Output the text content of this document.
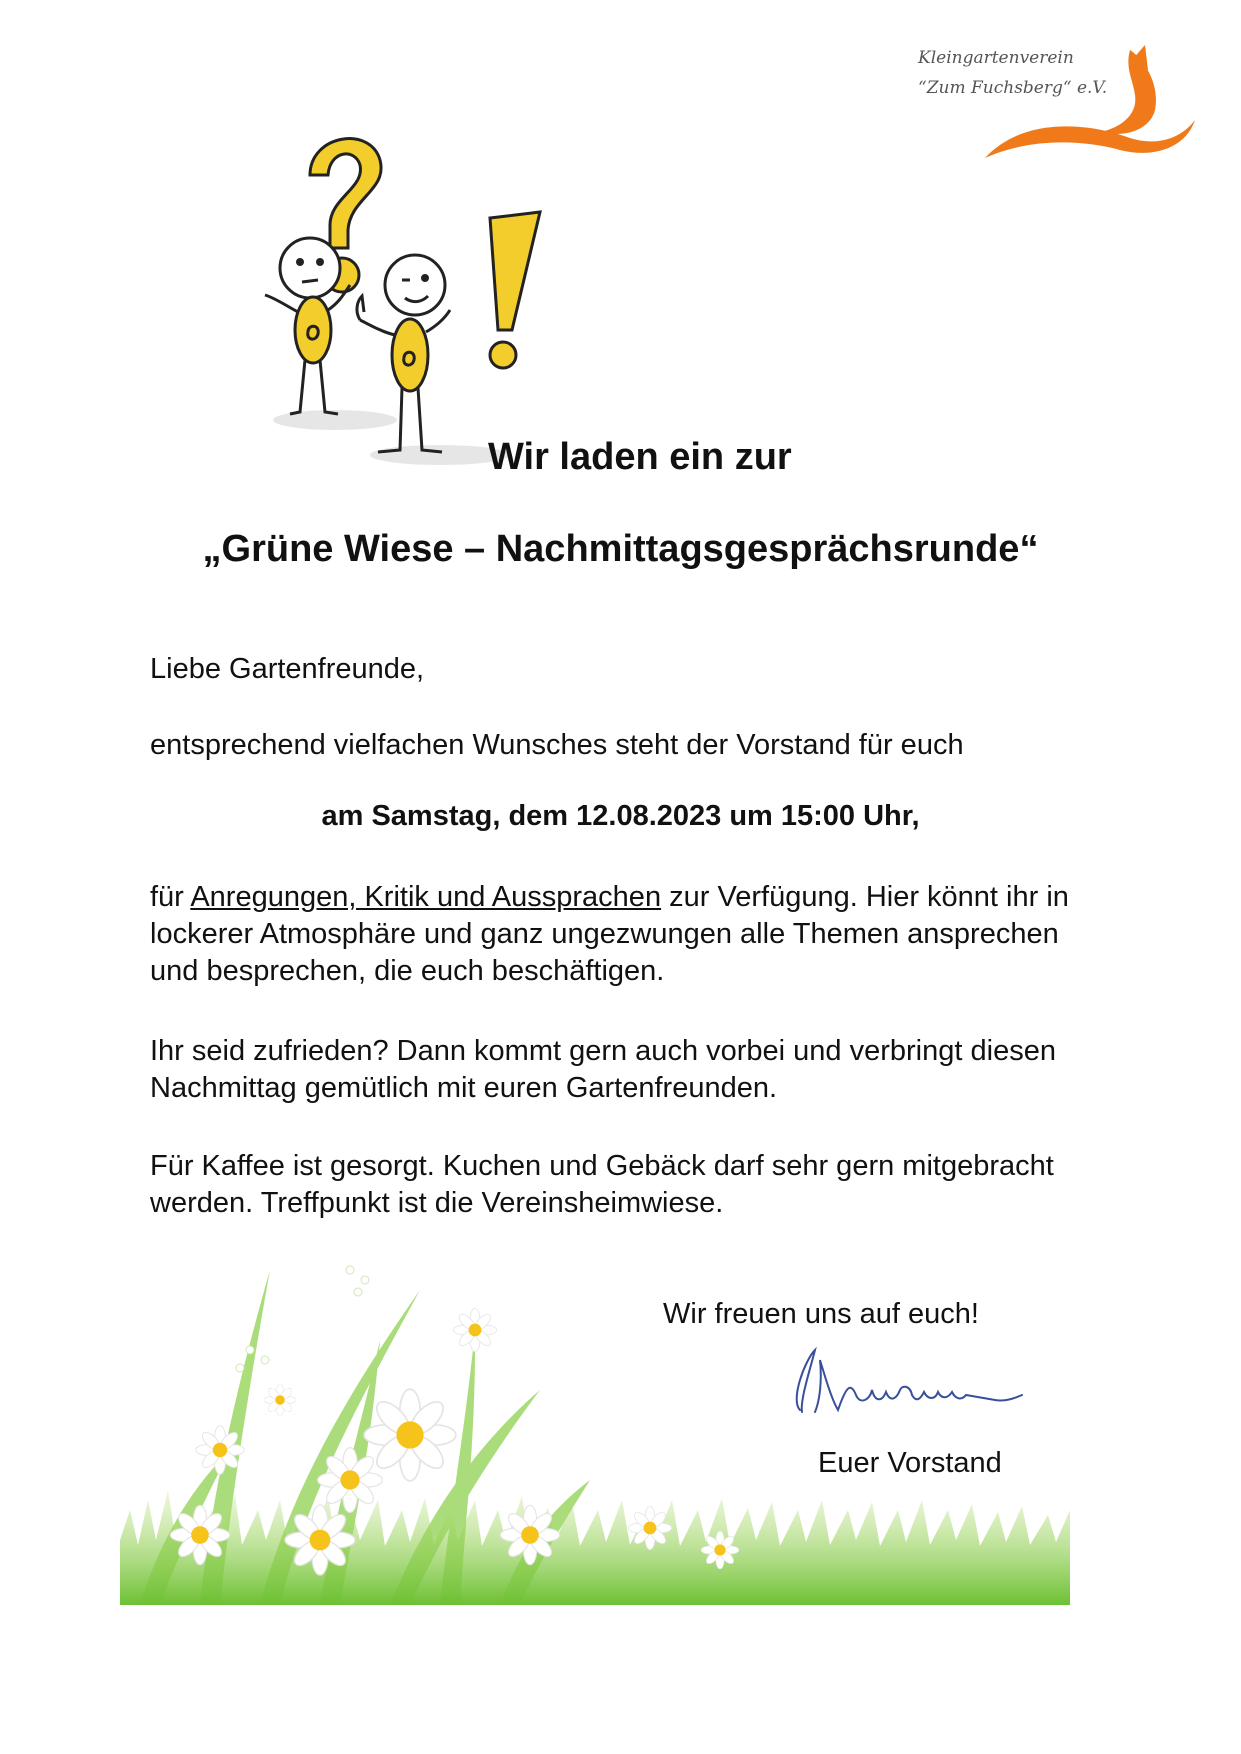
Kleingartenverein
“Zum Fuchsberg“ e.V.
Wir laden ein zur
„Grüne Wiese – Nachmittagsgesprächsrunde“
Liebe Gartenfreunde,
entsprechend vielfachen Wunsches steht der Vorstand für euch
am Samstag, dem 12.08.2023 um 15:00 Uhr,
für Anregungen, Kritik und Aussprachen zur Verfügung. Hier könnt ihr in lockerer Atmosphäre und ganz ungezwungen alle Themen ansprechen und besprechen, die euch beschäftigen.
Ihr seid zufrieden? Dann kommt gern auch vorbei und verbringt diesen Nachmittag gemütlich mit euren Gartenfreunden.
Für Kaffee ist gesorgt. Kuchen und Gebäck darf sehr gern mitgebracht werden. Treffpunkt ist die Vereinsheimwiese.
Wir freuen uns auf euch!
Euer Vorstand
